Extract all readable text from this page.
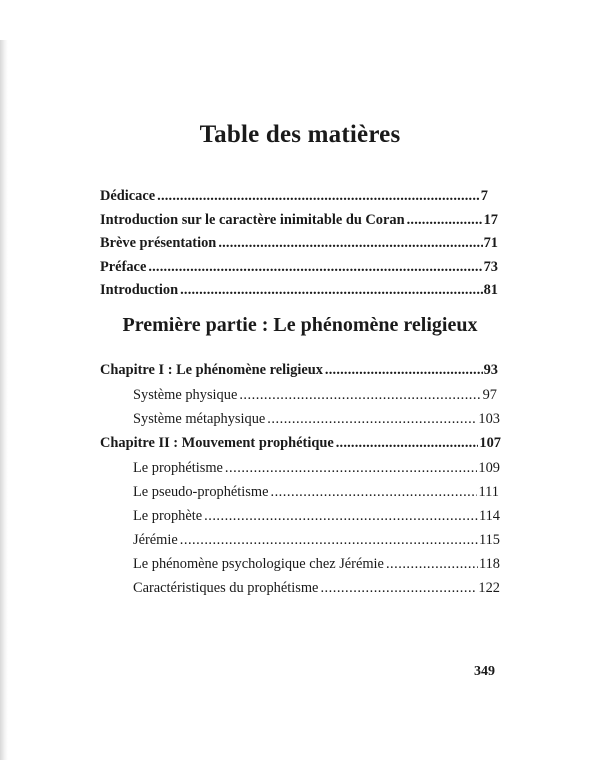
Table des matières
Dédicace .....	7
Introduction sur le caractère inimitable du Coran .....	17
Brève présentation .....	71
Préface .....	73
Introduction .....	81
Première partie : Le phénomène religieux
Chapitre I : Le phénomène religieux .....	93
Système physique .....	97
Système métaphysique .....	103
Chapitre II : Mouvement prophétique .....	107
Le prophétisme .....	109
Le pseudo-prophétisme .....	111
Le prophète .....	114
Jérémie .....	115
Le phénomène psychologique chez Jérémie .....	118
Caractéristiques du prophétisme .....	122
349
